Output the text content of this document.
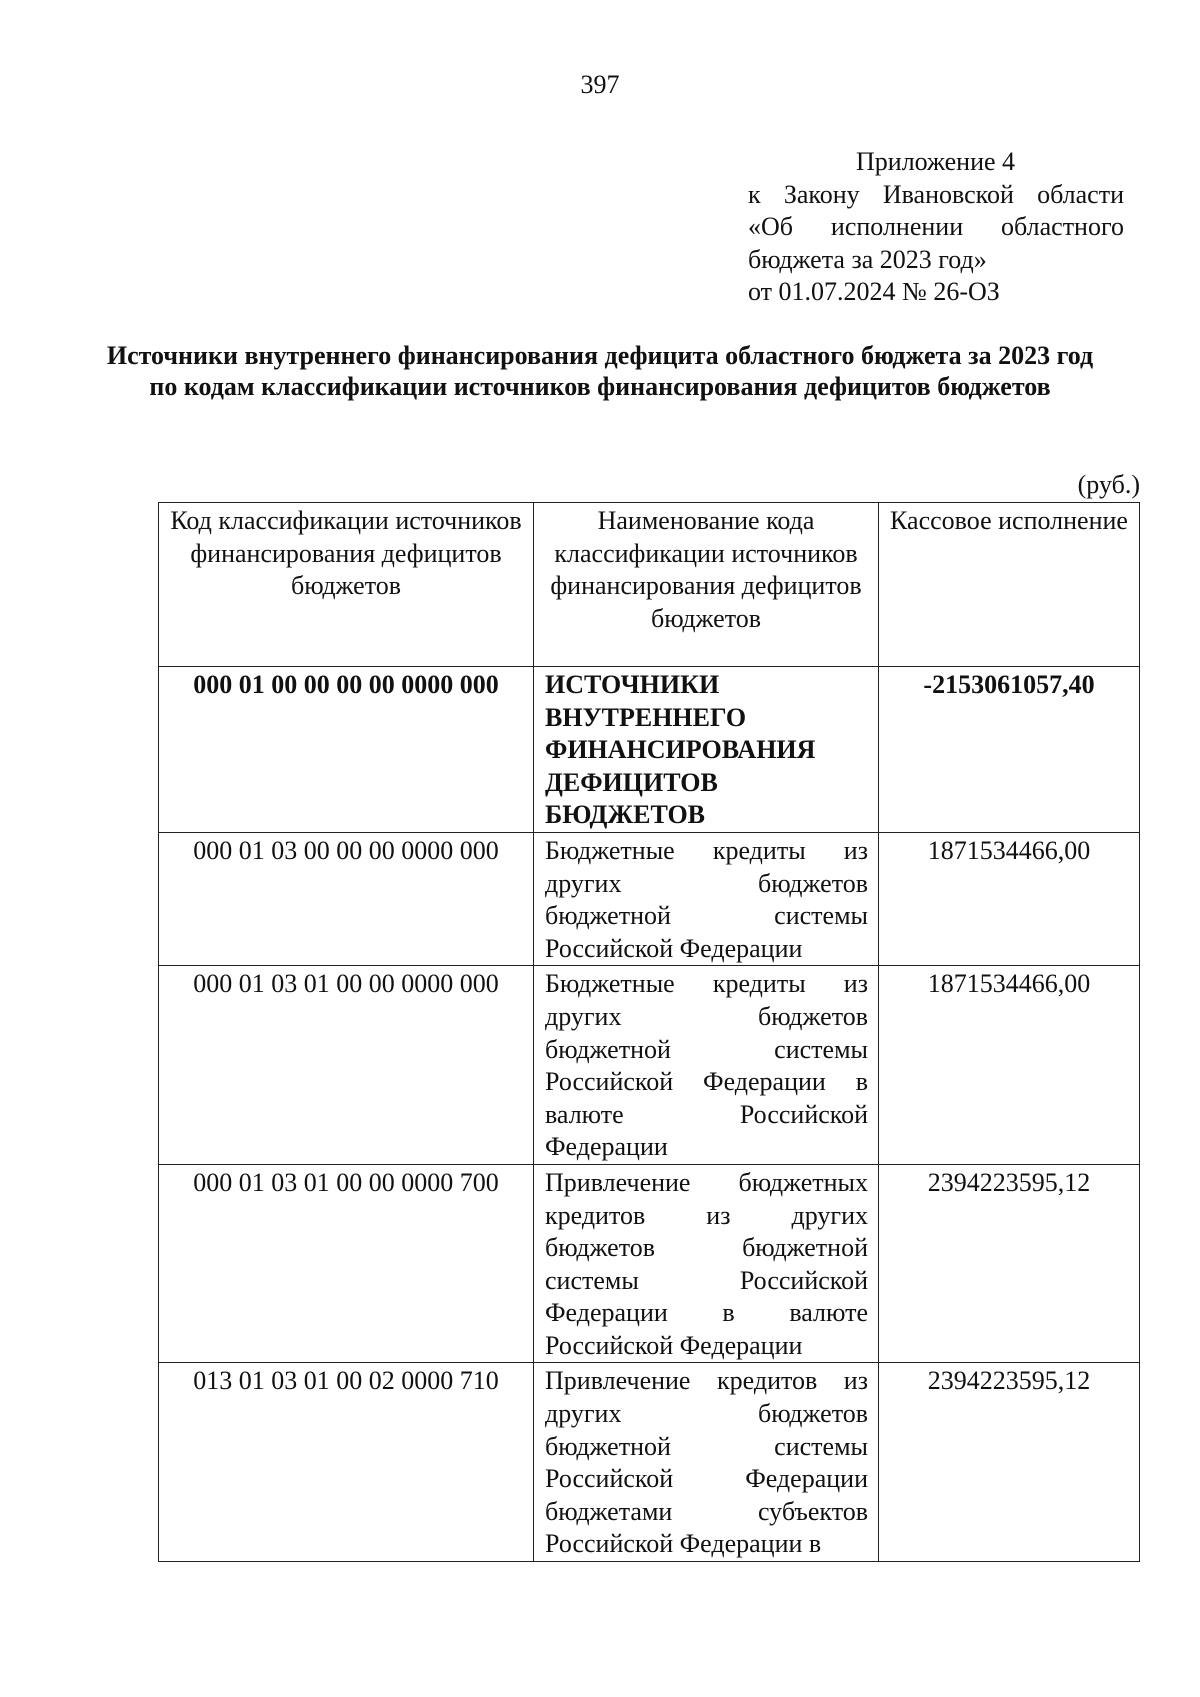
397
Приложение 4
к Закону Ивановской области
«Об исполнении областного
бюджета за 2023 год»
от 01.07.2024 № 26-ОЗ
Источники внутреннего финансирования дефицита областного бюджета за 2023 год по кодам классификации источников финансирования дефицитов бюджетов
(руб.)
Код классификации источников финансирования дефицитов бюджетов	Наименование кода классификации источников финансирования дефицитов бюджетов	Кассовое исполнение

000 01 00 00 00 00 0000 000	ИСТОЧНИКИ ВНУТРЕННЕГО ФИНАНСИРОВАНИЯ ДЕФИЦИТОВ БЮДЖЕТОВ	-2153061057,40

000 01 03 00 00 00 0000 000	Бюджетные кредиты из других бюджетов бюджетной системы Российской Федерации	1871534466,00

000 01 03 01 00 00 0000 000	Бюджетные кредиты из других бюджетов бюджетной системы Российской Федерации в валюте Российской Федерации	1871534466,00

000 01 03 01 00 00 0000 700	Привлечение бюджетных кредитов из других бюджетов бюджетной системы Российской Федерации в валюте Российской Федерации	2394223595,12

013 01 03 01 00 02 0000 710	Привлечение кредитов из других бюджетов бюджетной системы Российской Федерации бюджетами субъектов Российской Федерации в	2394223595,12
